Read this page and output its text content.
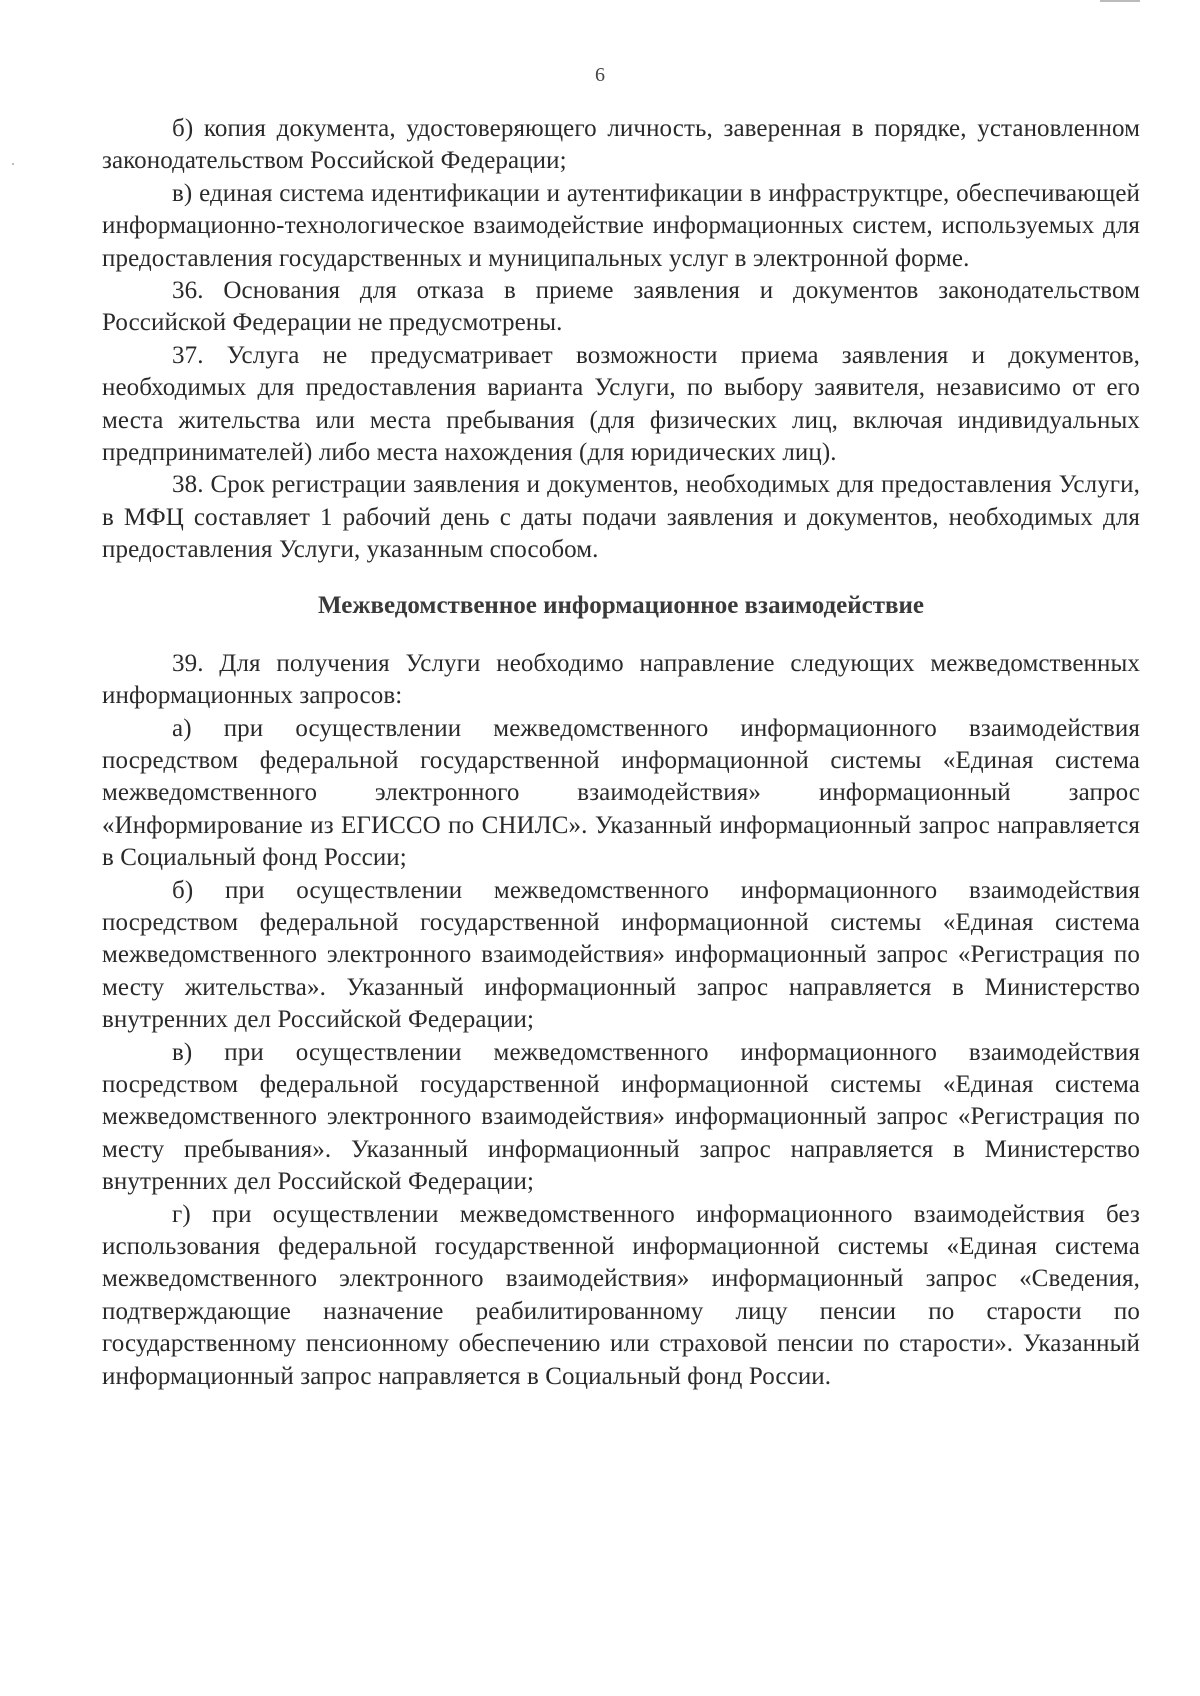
6

б) копия документа, удостоверяющего личность, заверенная в порядке, установленном законодательством Российской Федерации;

в) единая система идентификации и аутентификации в инфраструктцре, обеспечивающей информационно-технологическое взаимодействие информационных систем, используемых для предоставления государственных и муниципальных услуг в электронной форме.

36. Основания для отказа в приеме заявления и документов законодательством Российской Федерации не предусмотрены.

37. Услуга не предусматривает возможности приема заявления и документов, необходимых для предоставления варианта Услуги, по выбору заявителя, независимо от его места жительства или места пребывания (для физических лиц, включая индивидуальных предпринимателей) либо места нахождения (для юридических лиц).

38. Срок регистрации заявления и документов, необходимых для предоставления Услуги, в МФЦ составляет 1 рабочий день с даты подачи заявления и документов, необходимых для предоставления Услуги, указанным способом.

Межведомственное информационное взаимодействие

39. Для получения Услуги необходимо направление следующих межведомственных информационных запросов:

а) при осуществлении межведомственного информационного взаимодействия посредством федеральной государственной информационной системы «Единая система межведомственного электронного взаимодействия» информационный запрос «Информирование из ЕГИССО по СНИЛС». Указанный информационный запрос направляется в Социальный фонд России;

б) при осуществлении межведомственного информационного взаимодействия посредством федеральной государственной информационной системы «Единая система межведомственного электронного взаимодействия» информационный запрос «Регистрация по месту жительства». Указанный информационный запрос направляется в Министерство внутренних дел Российской Федерации;

в) при осуществлении межведомственного информационного взаимодействия посредством федеральной государственной информационной системы «Единая система межведомственного электронного взаимодействия» информационный запрос «Регистрация по месту пребывания». Указанный информационный запрос направляется в Министерство внутренних дел Российской Федерации;

г) при осуществлении межведомственного информационного взаимодействия без использования федеральной государственной информационной системы «Единая система межведомственного электронного взаимодействия» информационный запрос «Сведения, подтверждающие назначение реабилитированному лицу пенсии по старости по государственному пенсионному обеспечению или страховой пенсии по старости». Указанный информационный запрос направляется в Социальный фонд России.
